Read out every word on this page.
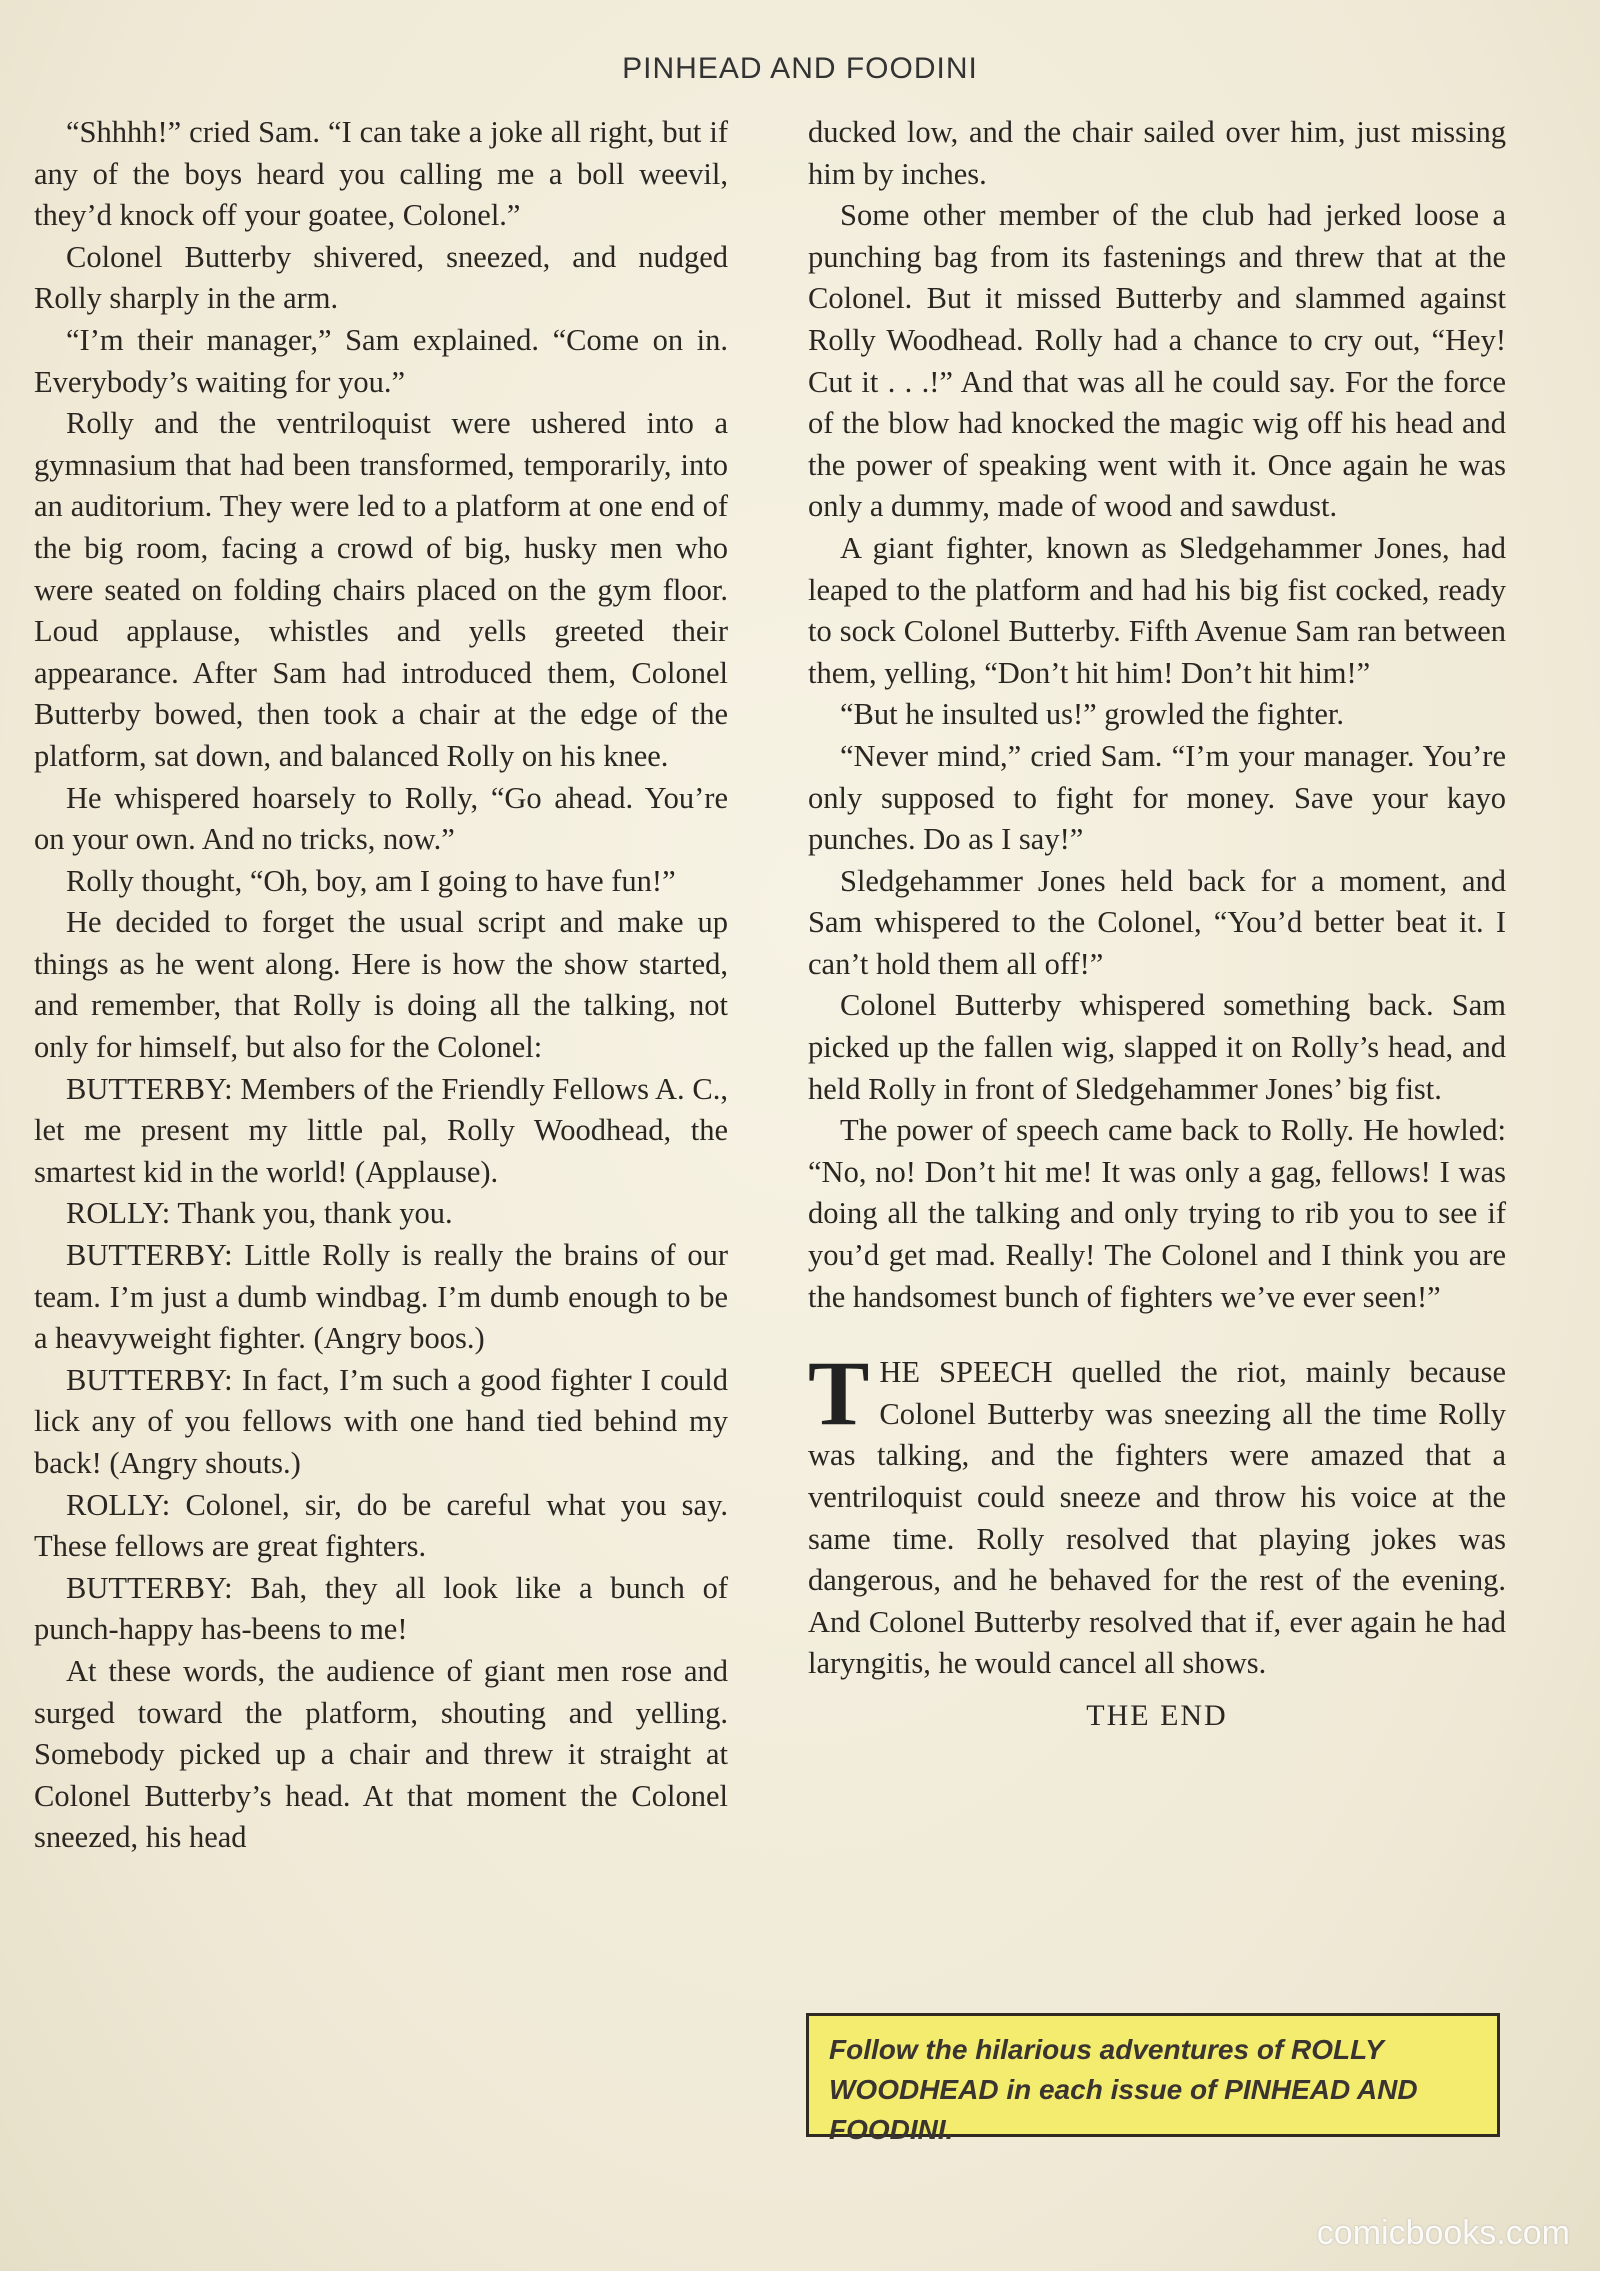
PINHEAD AND FOODINI

“Shhhh!” cried Sam. “I can take a joke all right, but if any of the boys heard you calling me a boll weevil, they’d knock off your goatee, Colonel.”

Colonel Butterby shivered, sneezed, and nudged Rolly sharply in the arm.

“I’m their manager,” Sam explained. “Come on in. Everybody’s waiting for you.”

Rolly and the ventriloquist were ushered into a gymnasium that had been transformed, temporarily, into an auditorium. They were led to a platform at one end of the big room, facing a crowd of big, husky men who were seated on folding chairs placed on the gym floor. Loud applause, whistles and yells greeted their appearance. After Sam had introduced them, Colonel Butterby bowed, then took a chair at the edge of the platform, sat down, and balanced Rolly on his knee.

He whispered hoarsely to Rolly, “Go ahead. You’re on your own. And no tricks, now.”

Rolly thought, “Oh, boy, am I going to have fun!”

He decided to forget the usual script and make up things as he went along. Here is how the show started, and remember, that Rolly is doing all the talking, not only for himself, but also for the Colonel:

BUTTERBY: Members of the Friendly Fellows A. C., let me present my little pal, Rolly Woodhead, the smartest kid in the world! (Applause).

ROLLY: Thank you, thank you.

BUTTERBY: Little Rolly is really the brains of our team. I’m just a dumb windbag. I’m dumb enough to be a heavyweight fighter. (Angry boos.)

BUTTERBY: In fact, I’m such a good fighter I could lick any of you fellows with one hand tied behind my back! (Angry shouts.)

ROLLY: Colonel, sir, do be careful what you say. These fellows are great fighters.

BUTTERBY: Bah, they all look like a bunch of punch-happy has-beens to me!

At these words, the audience of giant men rose and surged toward the platform, shouting and yelling. Somebody picked up a chair and threw it straight at Colonel Butterby’s head. At that moment the Colonel sneezed, his head

ducked low, and the chair sailed over him, just missing him by inches.

Some other member of the club had jerked loose a punching bag from its fastenings and threw that at the Colonel. But it missed Butterby and slammed against Rolly Woodhead. Rolly had a chance to cry out, “Hey! Cut it . . .!” And that was all he could say. For the force of the blow had knocked the magic wig off his head and the power of speaking went with it. Once again he was only a dummy, made of wood and sawdust.

A giant fighter, known as Sledgehammer Jones, had leaped to the platform and had his big fist cocked, ready to sock Colonel Butterby. Fifth Avenue Sam ran between them, yelling, “Don’t hit him! Don’t hit him!”

“But he insulted us!” growled the fighter.

“Never mind,” cried Sam. “I’m your manager. You’re only supposed to fight for money. Save your kayo punches. Do as I say!”

Sledgehammer Jones held back for a moment, and Sam whispered to the Colonel, “You’d better beat it. I can’t hold them all off!”

Colonel Butterby whispered something back. Sam picked up the fallen wig, slapped it on Rolly’s head, and held Rolly in front of Sledgehammer Jones’ big fist.

The power of speech came back to Rolly. He howled: “No, no! Don’t hit me! It was only a gag, fellows! I was doing all the talking and only trying to rib you to see if you’d get mad. Really! The Colonel and I think you are the handsomest bunch of fighters we’ve ever seen!”

THE SPEECH quelled the riot, mainly because Colonel Butterby was sneezing all the time Rolly was talking, and the fighters were amazed that a ventriloquist could sneeze and throw his voice at the same time. Rolly resolved that playing jokes was dangerous, and he behaved for the rest of the evening. And Colonel Butterby resolved that if, ever again he had laryngitis, he would cancel all shows.

THE END
Follow the hilarious adventures of ROLLY WOODHEAD in each issue of PINHEAD AND FOODINI.
comicbooks.com
